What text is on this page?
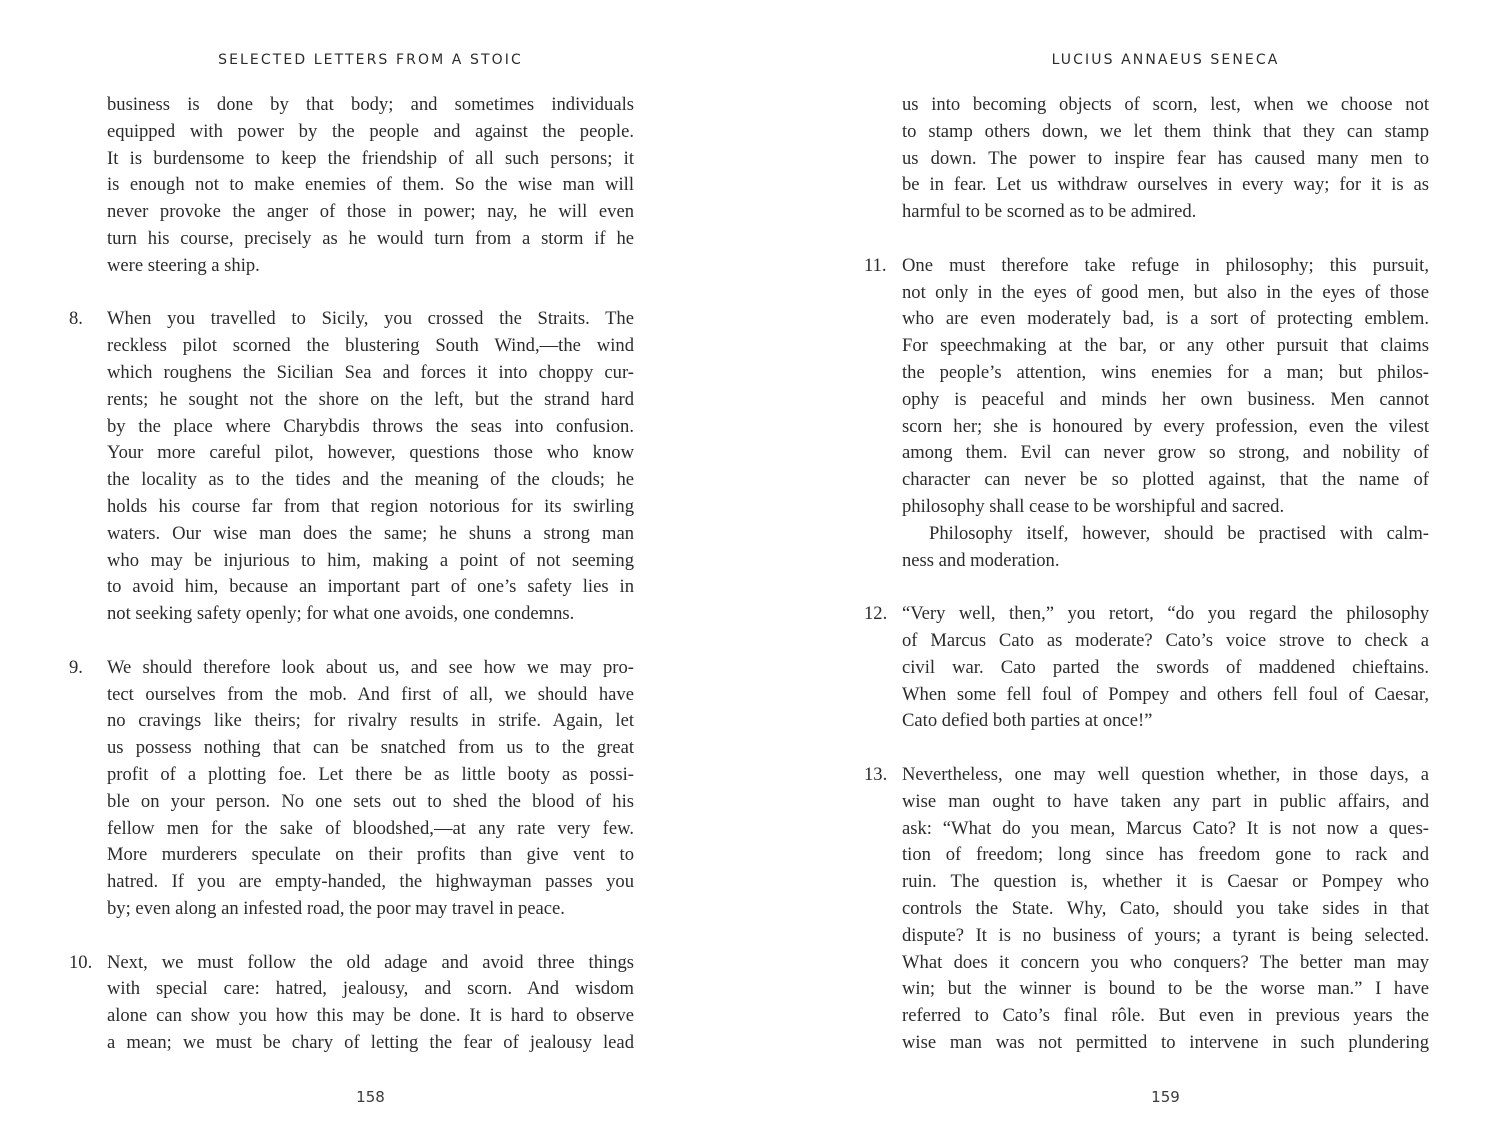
SELECTED LETTERS FROM A STOIC
business is done by that body; and sometimes individuals
equipped with power by the people and against the people.
It is burdensome to keep the friendship of all such persons; it
is enough not to make enemies of them. So the wise man will
never provoke the anger of those in power; nay, he will even
turn his course, precisely as he would turn from a storm if he
were steering a ship.
8.	When you travelled to Sicily, you crossed the Straits. The
reckless pilot scorned the blustering South Wind,—the wind
which roughens the Sicilian Sea and forces it into choppy cur-
rents; he sought not the shore on the left, but the strand hard
by the place where Charybdis throws the seas into confusion.
Your more careful pilot, however, questions those who know
the locality as to the tides and the meaning of the clouds; he
holds his course far from that region notorious for its swirling
waters. Our wise man does the same; he shuns a strong man
who may be injurious to him, making a point of not seeming
to avoid him, because an important part of one’s safety lies in
not seeking safety openly; for what one avoids, one condemns.
9.	We should therefore look about us, and see how we may pro-
tect ourselves from the mob. And first of all, we should have
no cravings like theirs; for rivalry results in strife. Again, let
us possess nothing that can be snatched from us to the great
profit of a plotting foe. Let there be as little booty as possi-
ble on your person. No one sets out to shed the blood of his
fellow men for the sake of bloodshed,—at any rate very few.
More murderers speculate on their profits than give vent to
hatred. If you are empty-handed, the highwayman passes you
by; even along an infested road, the poor may travel in peace.
10. Next, we must follow the old adage and avoid three things
with special care: hatred, jealousy, and scorn. And wisdom
alone can show you how this may be done. It is hard to observe
a mean; we must be chary of letting the fear of jealousy lead
158
LUCIUS ANNAEUS SENECA
us into becoming objects of scorn, lest, when we choose not
to stamp others down, we let them think that they can stamp
us down. The power to inspire fear has caused many men to
be in fear. Let us withdraw ourselves in every way; for it is as
harmful to be scorned as to be admired.
11. One must therefore take refuge in philosophy; this pursuit,
not only in the eyes of good men, but also in the eyes of those
who are even moderately bad, is a sort of protecting emblem.
For speechmaking at the bar, or any other pursuit that claims
the people’s attention, wins enemies for a man; but philos-
ophy is peaceful and minds her own business. Men cannot
scorn her; she is honoured by every profession, even the vilest
among them. Evil can never grow so strong, and nobility of
character can never be so plotted against, that the name of
philosophy shall cease to be worshipful and sacred.
Philosophy itself, however, should be practised with calm-
ness and moderation.
12. “Very well, then,” you retort, “do you regard the philosophy
of Marcus Cato as moderate? Cato’s voice strove to check a
civil war. Cato parted the swords of maddened chieftains.
When some fell foul of Pompey and others fell foul of Caesar,
Cato defied both parties at once!”
13. Nevertheless, one may well question whether, in those days, a
wise man ought to have taken any part in public affairs, and
ask: “What do you mean, Marcus Cato? It is not now a ques-
tion of freedom; long since has freedom gone to rack and
ruin. The question is, whether it is Caesar or Pompey who
controls the State. Why, Cato, should you take sides in that
dispute? It is no business of yours; a tyrant is being selected.
What does it concern you who conquers? The better man may
win; but the winner is bound to be the worse man.” I have
referred to Cato’s final rôle. But even in previous years the
wise man was not permitted to intervene in such plundering
159
